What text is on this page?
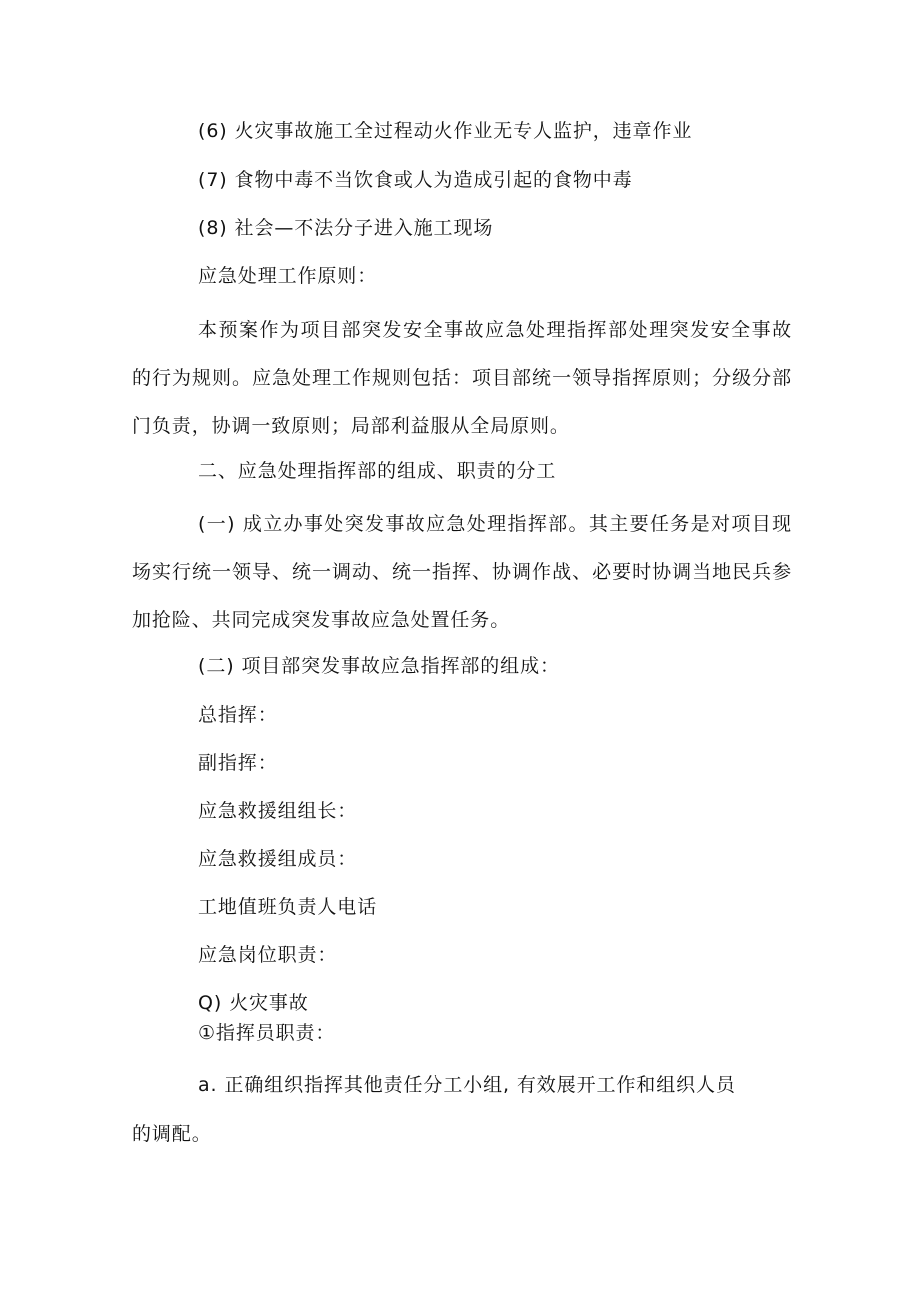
(6) 火灾事故施工全过程动火作业无专人监护，违章作业
(7) 食物中毒不当饮食或人为造成引起的食物中毒
(8) 社会—不法分子进入施工现场
应急处理工作原则：
本预案作为项目部突发安全事故应急处理指挥部处理突发安全事故的行为规则。应急处理工作规则包括：项目部统一领导指挥原则；分级分部门负责，协调一致原则；局部利益服从全局原则。
二、应急处理指挥部的组成、职责的分工
(一) 成立办事处突发事故应急处理指挥部。其主要任务是对项目现场实行统一领导、统一调动、统一指挥、协调作战、必要时协调当地民兵参加抢险、共同完成突发事故应急处置任务。
(二) 项目部突发事故应急指挥部的组成：
总指挥：
副指挥：
应急救援组组长：
应急救援组成员：
工地值班负责人电话
应急岗位职责：
Q) 火灾事故
①指挥员职责：
a. 正确组织指挥其他责任分工小组, 有效展开工作和组织人员
的调配。
